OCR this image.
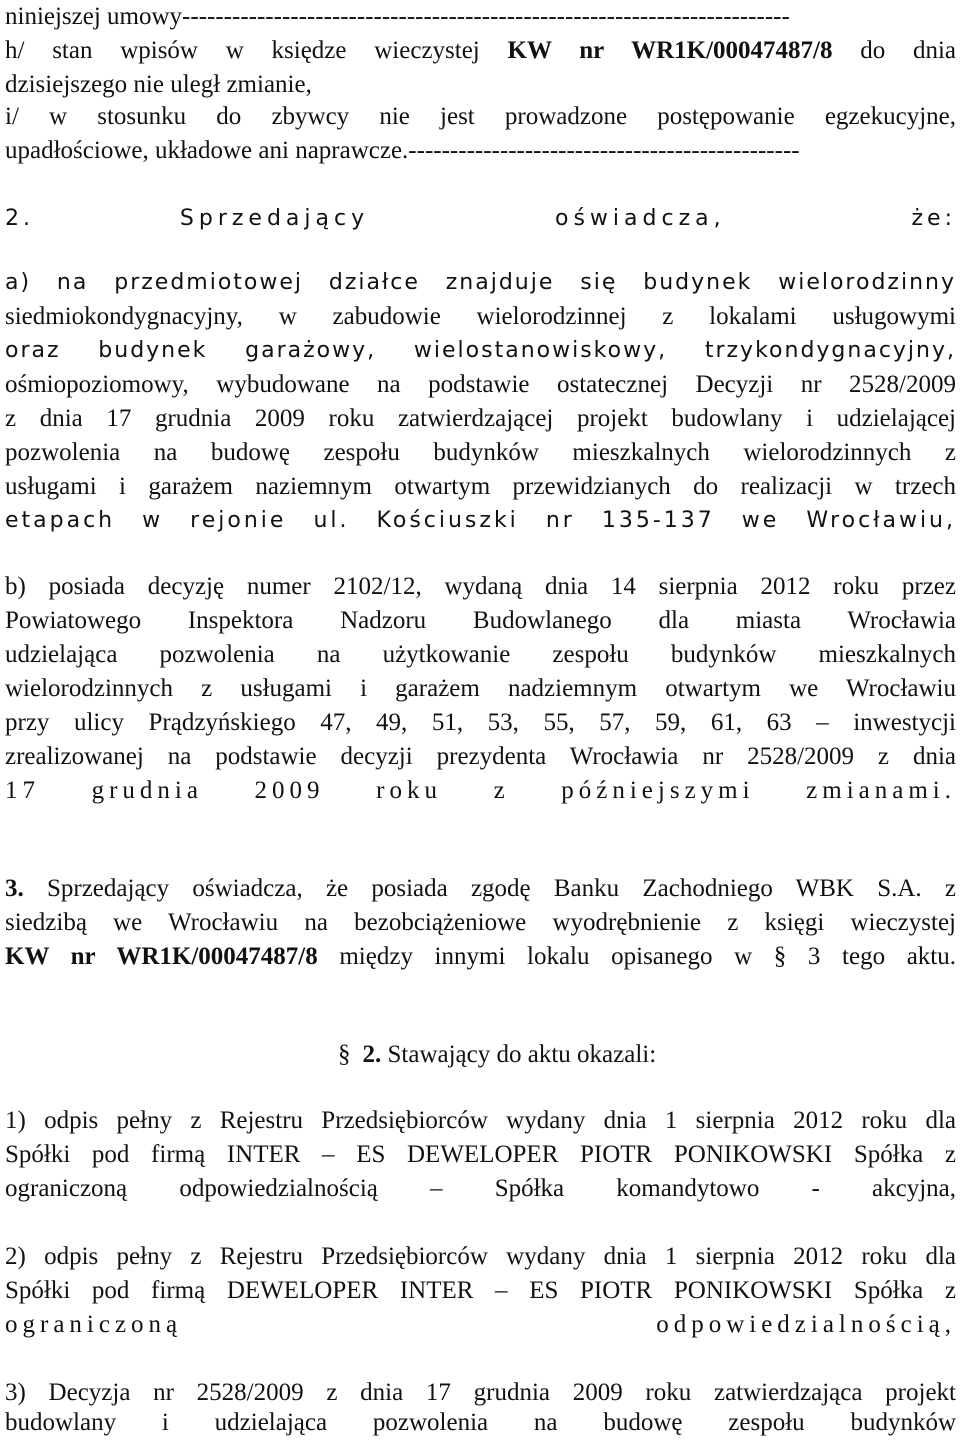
niniejszej umowy-------------------------------------------------------------------------
h/ stan wpisów w księdze wieczystej KW nr WR1K/00047487/8 do dnia
dzisiejszego nie uległ zmianie,
i/ w stosunku do zbywcy nie jest prowadzone postępowanie egzekucyjne,
upadłościowe, układowe ani naprawcze.-----------------------------------------------
2.	Sprzedający	oświadcza,	że:
a) na przedmiotowej działce znajduje się budynek wielorodzinny
siedmiokondygnacyjny, w zabudowie wielorodzinnej z lokalami usługowymi
oraz budynek garażowy, wielostanowiskowy, trzykondygnacyjny,
ośmiopoziomowy, wybudowane na podstawie ostatecznej Decyzji nr 2528/2009
z dnia 17 grudnia 2009 roku zatwierdzającej projekt budowlany i udzielającej
pozwolenia na budowę zespołu budynków mieszkalnych wielorodzinnych z
usługami i garażem naziemnym otwartym przewidzianych do realizacji w trzech
etapach w rejonie ul. Kościuszki nr 135-137 we Wrocławiu,
b) posiada decyzję numer 2102/12, wydaną dnia 14 sierpnia 2012 roku przez
Powiatowego Inspektora Nadzoru Budowlanego dla miasta Wrocławia
udzielająca pozwolenia na użytkowanie zespołu budynków mieszkalnych
wielorodzinnych z usługami i garażem nadziemnym otwartym we Wrocławiu
przy ulicy Prądzyńskiego 47, 49, 51, 53, 55, 57, 59, 61, 63 – inwestycji
zrealizowanej na podstawie decyzji prezydenta Wrocławia nr 2528/2009 z dnia
17 grudnia 2009 roku z późniejszymi zmianami.
3. Sprzedający oświadcza, że posiada zgodę Banku Zachodniego WBK S.A. z
siedzibą we Wrocławiu na bezobciążeniowe wyodrębnienie z księgi wieczystej
KW nr WR1K/00047487/8 między innymi lokalu opisanego w § 3 tego aktu.
§ 2. Stawający do aktu okazali:
1) odpis pełny z Rejestru Przedsiębiorców wydany dnia 1 sierpnia 2012 roku dla
Spółki pod firmą INTER – ES DEWELOPER PIOTR PONIKOWSKI Spółka z
ograniczoną odpowiedzialnością – Spółka komandytowo - akcyjna,
2) odpis pełny z Rejestru Przedsiębiorców wydany dnia 1 sierpnia 2012 roku dla
Spółki pod firmą DEWELOPER INTER – ES PIOTR PONIKOWSKI Spółka z
ograniczoną	odpowiedzialnością,
3) Decyzja nr 2528/2009 z dnia 17 grudnia 2009 roku zatwierdzająca projekt
budowlany i udzielająca pozwolenia na budowę zespołu budynków
